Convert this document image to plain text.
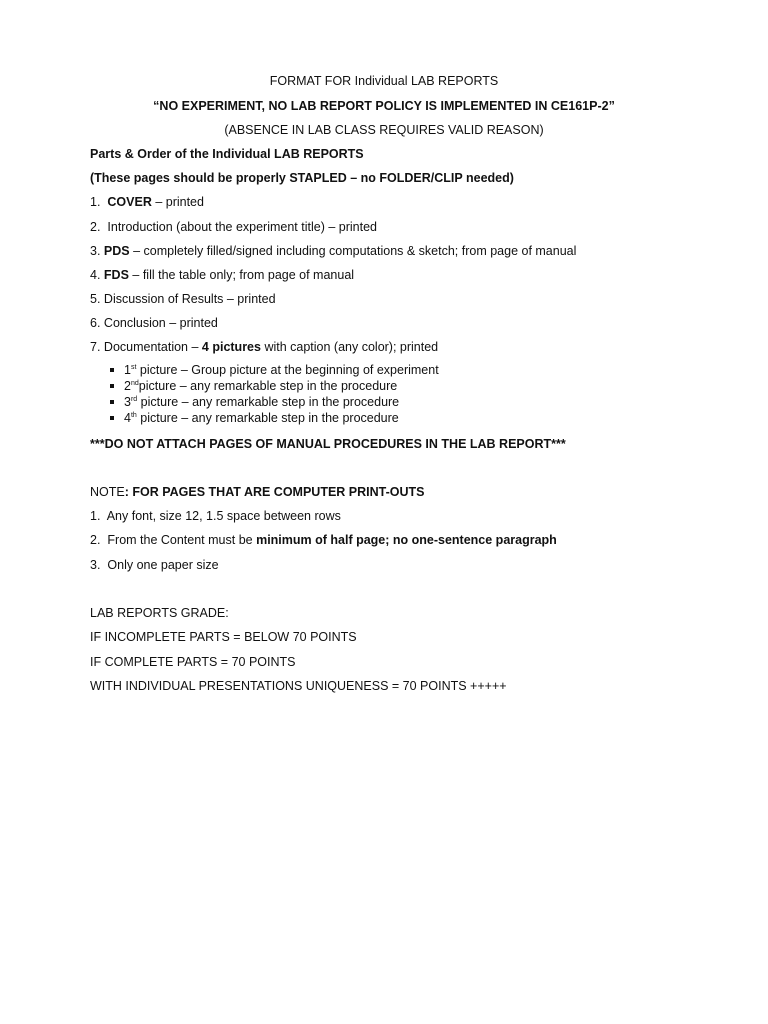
FORMAT FOR Individual LAB REPORTS
“NO EXPERIMENT, NO LAB REPORT POLICY IS IMPLEMENTED IN CE161P-2”
(ABSENCE IN LAB CLASS REQUIRES VALID REASON)
Parts & Order of the Individual LAB REPORTS
(These pages should be properly STAPLED – no FOLDER/CLIP needed)
1. COVER – printed
2. Introduction (about the experiment title) – printed
3. PDS – completely filled/signed including computations & sketch; from page of manual
4. FDS – fill the table only; from page of manual
5. Discussion of Results – printed
6. Conclusion – printed
7. Documentation – 4 pictures with caption (any color); printed
1st picture – Group picture at the beginning of experiment
2ndpicture – any remarkable step in the procedure
3rd picture – any remarkable step in the procedure
4th picture – any remarkable step in the procedure
***DO NOT ATTACH PAGES OF MANUAL PROCEDURES IN THE LAB REPORT***
NOTE: FOR PAGES THAT ARE COMPUTER PRINT-OUTS
1. Any font, size 12, 1.5 space between rows
2. From the Content must be minimum of half page; no one-sentence paragraph
3. Only one paper size
LAB REPORTS GRADE:
IF INCOMPLETE PARTS = BELOW 70 POINTS
IF COMPLETE PARTS = 70 POINTS
WITH INDIVIDUAL PRESENTATIONS UNIQUENESS = 70 POINTS +++++
